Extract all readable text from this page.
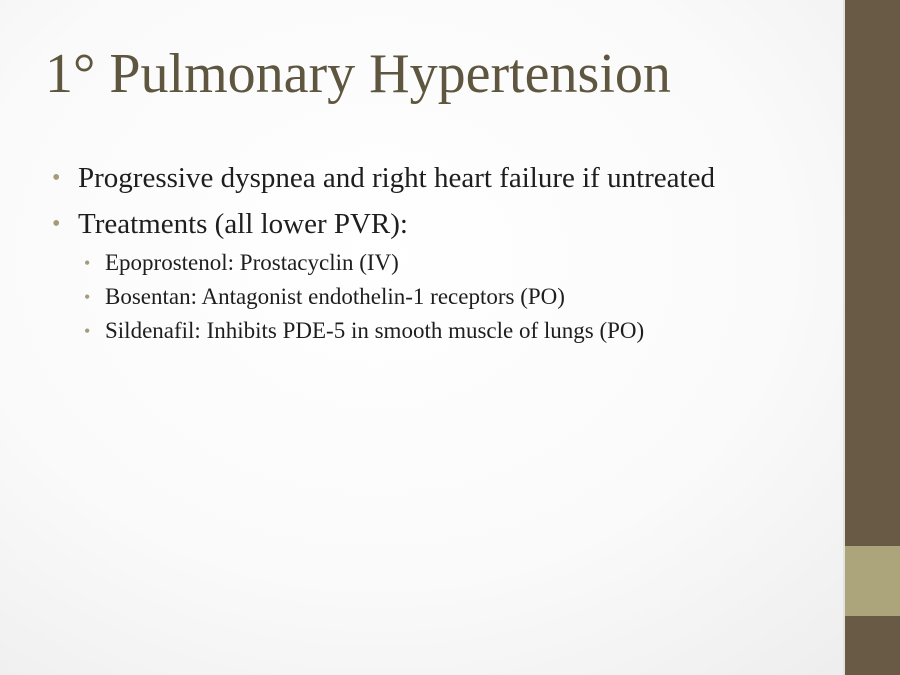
1° Pulmonary Hypertension
• Progressive dyspnea and right heart failure if untreated
• Treatments (all lower PVR):
• Epoprostenol: Prostacyclin (IV)
• Bosentan: Antagonist endothelin-1 receptors (PO)
• Sildenafil: Inhibits PDE-5 in smooth muscle of lungs (PO)
